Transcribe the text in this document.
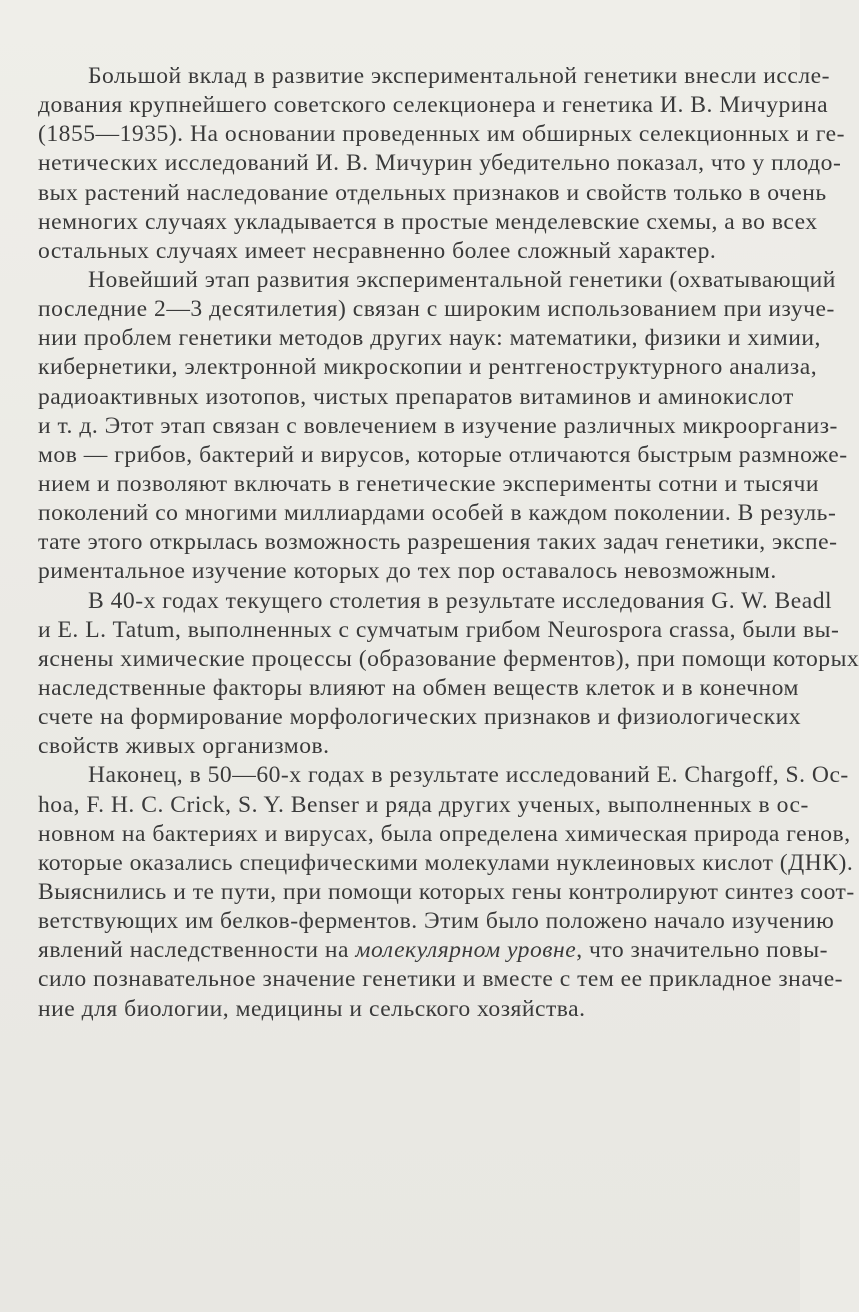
Большой вклад в развитие экспериментальной генетики внесли иссле-
дования крупнейшего советского селекционера и генетика И. В. Мичурина
(1855—1935). На основании проведенных им обширных селекционных и ге-
нетических исследований И. В. Мичурин убедительно показал, что у плодо-
вых растений наследование отдельных признаков и свойств только в очень
немногих случаях укладывается в простые менделевские схемы, а во всех
остальных случаях имеет несравненно более сложный характер.
Новейший этап развития экспериментальной генетики (охватывающий
последние 2—3 десятилетия) связан с широким использованием при изуче-
нии проблем генетики методов других наук: математики, физики и химии,
кибернетики, электронной микроскопии и рентгеноструктурного анализа,
радиоактивных изотопов, чистых препаратов витаминов и аминокислот
и т. д. Этот этап связан с вовлечением в изучение различных микроорганиз-
мов — грибов, бактерий и вирусов, которые отличаются быстрым размноже-
нием и позволяют включать в генетические эксперименты сотни и тысячи
поколений со многими миллиардами особей в каждом поколении. В резуль-
тате этого открылась возможность разрешения таких задач генетики, экспе-
риментальное изучение которых до тех пор оставалось невозможным.
В 40-х годах текущего столетия в результате исследования G. W. Beadl
и E. L. Tatum, выполненных с сумчатым грибом Neurospora crassa, были вы-
яснены химические процессы (образование ферментов), при помощи которых
наследственные факторы влияют на обмен веществ клеток и в конечном
счете на формирование морфологических признаков и физиологических
свойств живых организмов.
Наконец, в 50—60-х годах в результате исследований E. Chargoff, S. Oc-
hoa, F. H. C. Crick, S. Y. Benser и ряда других ученых, выполненных в ос-
новном на бактериях и вирусах, была определена химическая природа генов,
которые оказались специфическими молекулами нуклеиновых кислот (ДНК).
Выяснились и те пути, при помощи которых гены контролируют синтез соот-
ветствующих им белков-ферментов. Этим было положено начало изучению
явлений наследственности на молекулярном уровне, что значительно повы-
сило познавательное значение генетики и вместе с тем ее прикладное значе-
ние для биологии, медицины и сельского хозяйства.
